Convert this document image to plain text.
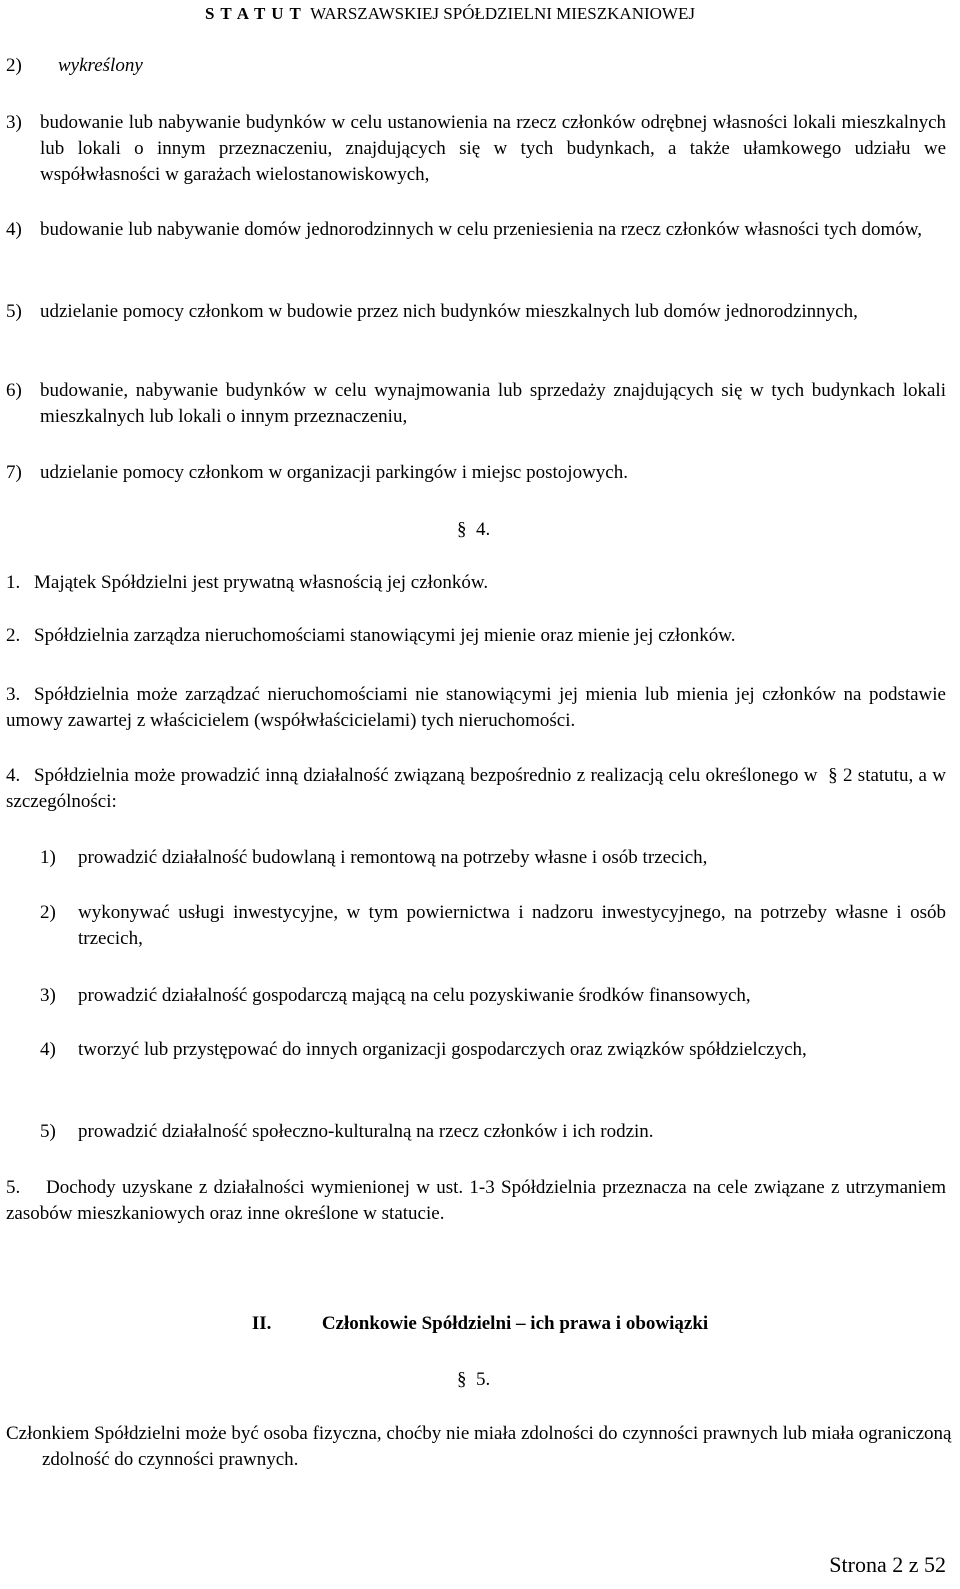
S T A T U T WARSZAWSKIEJ SPÓŁDZIELNI MIESZKANIOWEJ
2) wykreślony
3) budowanie lub nabywanie budynków w celu ustanowienia na rzecz członków odrębnej własności lokali mieszkalnych lub lokali o innym przeznaczeniu, znajdujących się w tych budynkach, a także ułamkowego udziału we współwłasności w garażach wielostanowiskowych,
4) budowanie lub nabywanie domów jednorodzinnych w celu przeniesienia na rzecz członków własności tych domów,
5) udzielanie pomocy członkom w budowie przez nich budynków mieszkalnych lub domów jednorodzinnych,
6) budowanie, nabywanie budynków w celu wynajmowania lub sprzedaży znajdujących się w tych budynkach lokali mieszkalnych lub lokali o innym przeznaczeniu,
7) udzielanie pomocy członkom w organizacji parkingów i miejsc postojowych.
§ 4.
1. Majątek Spółdzielni jest prywatną własnością jej członków.
2. Spółdzielnia zarządza nieruchomościami stanowiącymi jej mienie oraz mienie jej członków.
3. Spółdzielnia może zarządzać nieruchomościami nie stanowiącymi jej mienia lub mienia jej członków na podstawie umowy zawartej z właścicielem (współwłaścicielami) tych nieruchomości.
4. Spółdzielnia może prowadzić inną działalność związaną bezpośrednio z realizacją celu określonego w § 2 statutu, a w szczególności:
1) prowadzić działalność budowlaną i remontową na potrzeby własne i osób trzecich,
2) wykonywać usługi inwestycyjne, w tym powiernictwa i nadzoru inwestycyjnego, na potrzeby własne i osób trzecich,
3) prowadzić działalność gospodarczą mającą na celu pozyskiwanie środków finansowych,
4) tworzyć lub przystępować do innych organizacji gospodarczych oraz związków spółdzielczych,
5) prowadzić działalność społeczno-kulturalną na rzecz członków i ich rodzin.
5. Dochody uzyskane z działalności wymienionej w ust. 1-3 Spółdzielnia przeznacza na cele związane z utrzymaniem zasobów mieszkaniowych oraz inne określone w statucie.
II.	Członkowie Spółdzielni – ich prawa i obowiązki
§ 5.
Członkiem Spółdzielni może być osoba fizyczna, choćby nie miała zdolności do czynności prawnych lub miała ograniczoną zdolność do czynności prawnych.
Strona 2 z 52
